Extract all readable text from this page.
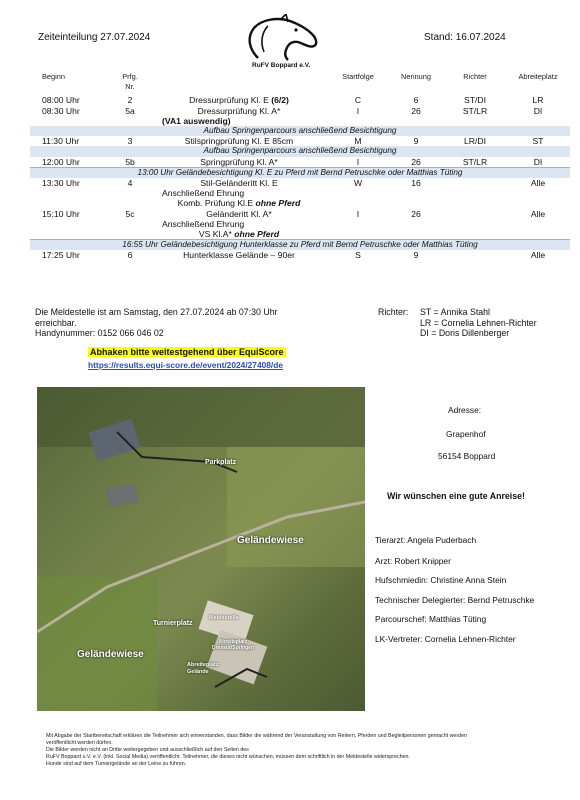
Zeiteinteilung 27.07.2024	Stand: 16.07.2024
RuFV Boppard e.V.
Beginn	Prfg.
Nr.		Startfolge	Nennung	Richter	Abreiteplatz
08:00 Uhr	2	Dressurprüfung Kl. E (6/2)	C	6	ST/DI	LR
08:30 Uhr	5a	Dressurprüfung Kl. A*	I	26	ST/LR	DI
		(VA1 auswendig)				
Aufbau Springenparcours anschließend Besichtigung						
11:30 Uhr	3	Stilspringprüfung Kl. E 85cm	M	9	LR/DI	ST
Aufbau Springenparcours anschließend Besichtigung						
12:00 Uhr	5b	Springprüfung Kl. A*	I	26	ST/LR	DI
13:00 Uhr Geländebesichtigung Kl. E zu Pferd mit Bernd Petruschke oder Matthias Tüting						
13:30 Uhr	4	Stil-Geländeritt Kl. E	W	16		Alle
		Anschließend Ehrung				
		Komb. Prüfung Kl.E ohne Pferd				
15:10 Uhr	5c	Geländeritt Kl. A*	I	26		Alle
		Anschließend Ehrung				
		VS Kl.A* ohne Pferd				
16:55 Uhr Geländebesichtigung Hunterklasse zu Pferd mit Bernd Petruschke oder Matthias Tüting						
17:25 Uhr	6	Hunterklasse Gelände – 90er	S	9		Alle
Die Meldestelle ist am Samstag, den 27.07.2024 ab 07:30 Uhr
erreichbar.
Handynummer: 0152 066 046 02
Abhaken bitte weitestgehend über EquiScore
https://results.equi-score.de/event/2024/27408/de
Richter: ST = Annika Stahl
LR = Cornelia Lehnen-Richter
DI = Doris Dillenberger
Parkplatz
Geländewiese
Turnierplatz
Meldestelle
Abreiteplatz
Dressur/Springen
Geländewiese
Abreiteplatz
Gelände
Adresse:
Grapenhof
56154 Boppard
Wir wünschen eine gute Anreise!
Tierarzt: Angela Puderbach
Arzt: Robert Knipper
Hufschmiedin: Christine Anna Stein
Technischer Delegierter: Bernd Petruschke
Parcourschef: Matthias Tüting
LK-Vertreter: Cornelia Lehnen-Richter
Mit Abgabe der Startbereitschaft erklären die Teilnehmer sich einverstanden, dass Bilder die während der Veranstaltung von Reitern, Pferden und Begleitpersonen gemacht werden
veröffentlicht werden dürfen.
Die Bilder werden nicht an Dritte weitergegeben und ausschließlich auf den Seiten des
RuFV Boppard u.V. e.V. (inkl. Social Media) veröffentlicht. Teilnehmer, die dieses nicht wünschen, müssen dem schriftlich in der Meldestelle widersprechen.
Hunde sind auf dem Turniergelände an der Leine zu führen.
